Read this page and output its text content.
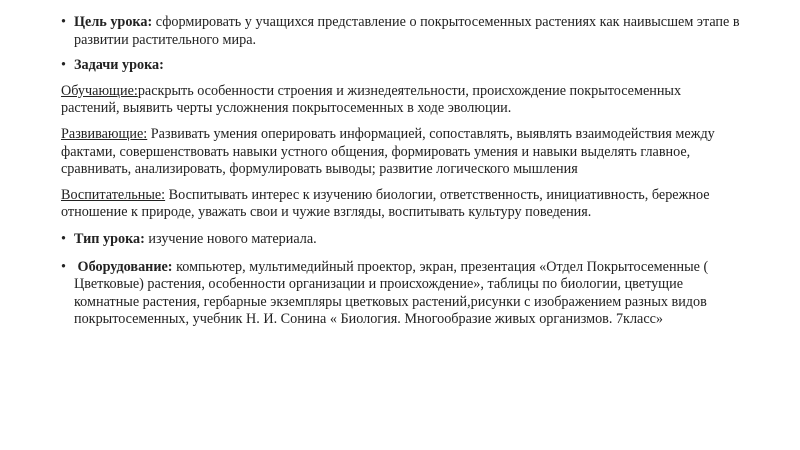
• Цель урока: сформировать у учащихся представление о покрытосеменных растениях как наивысшем этапе в развитии растительного мира.
• Задачи урока:

Обучающие:раскрыть особенности строения и жизнедеятельности, происхождение покрытосеменных растений, выявить черты усложнения покрытосеменных в ходе эволюции.

Развивающие: Развивать умения оперировать информацией, сопоставлять, выявлять взаимодействия между фактами, совершенствовать навыки устного общения, формировать умения и навыки выделять главное, сравнивать, анализировать, формулировать выводы; развитие логического мышления

Воспитательные: Воспитывать интерес к изучению биологии, ответственность, инициативность, бережное отношение к природе, уважать свои и чужие взгляды, воспитывать культуру поведения.

• Тип урока: изучение нового материала.
• Оборудование: компьютер, мультимедийный проектор, экран, презентация «Отдел Покрытосеменные ( Цветковые) растения, особенности организации и происхождение», таблицы по биологии, цветущие комнатные растения, гербарные экземпляры цветковых растений,рисунки с изображением разных видов покрытосеменных, учебник Н. И. Сонина « Биология. Многообразие живых организмов. 7класс»
